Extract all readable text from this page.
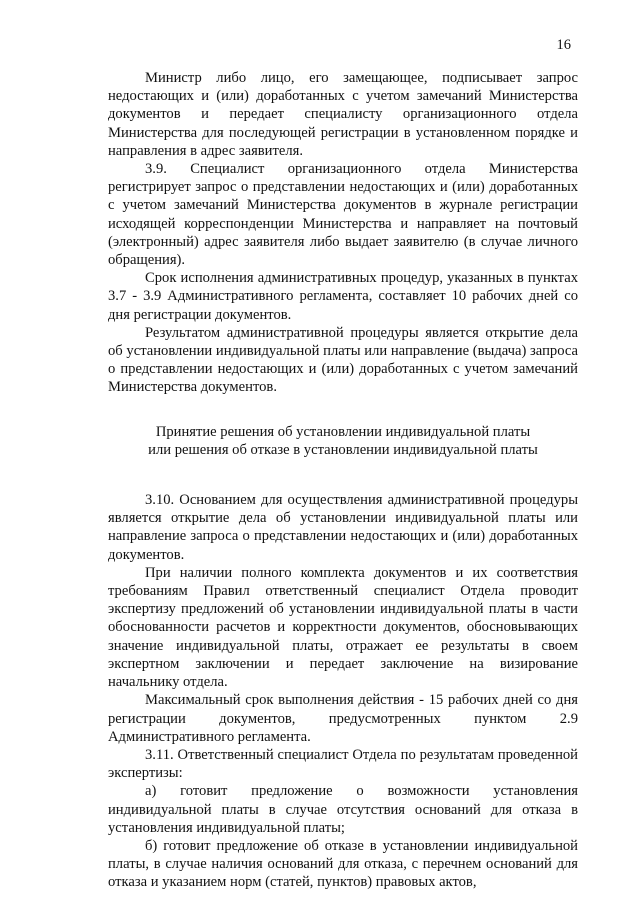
16

Министр либо лицо, его замещающее, подписывает запрос недостающих и (или) доработанных с учетом замечаний Министерства документов и передает специалисту организационного отдела Министерства для последующей регистрации в установленном порядке и направления в адрес заявителя.

3.9. Специалист организационного отдела Министерства регистрирует запрос о представлении недостающих и (или) доработанных с учетом замечаний Министерства документов в журнале регистрации исходящей корреспонденции Министерства и направляет на почтовый (электронный) адрес заявителя либо выдает заявителю (в случае личного обращения).

Срок исполнения административных процедур, указанных в пунктах 3.7 - 3.9 Административного регламента, составляет 10 рабочих дней со дня регистрации документов.

Результатом административной процедуры является открытие дела об установлении индивидуальной платы или направление (выдача) запроса о представлении недостающих и (или) доработанных с учетом замечаний Министерства документов.

Принятие решения об установлении индивидуальной платы
или решения об отказе в установлении индивидуальной платы

3.10. Основанием для осуществления административной процедуры является открытие дела об установлении индивидуальной платы или направление запроса о представлении недостающих и (или) доработанных документов.

При наличии полного комплекта документов и их соответствия требованиям Правил ответственный специалист Отдела проводит экспертизу предложений об установлении индивидуальной платы в части обоснованности расчетов и корректности документов, обосновывающих значение индивидуальной платы, отражает ее результаты в своем экспертном заключении и передает заключение на визирование начальнику отдела.

Максимальный срок выполнения действия - 15 рабочих дней со дня регистрации документов, предусмотренных пунктом 2.9 Административного регламента.

3.11. Ответственный специалист Отдела по результатам проведенной экспертизы:

а) готовит предложение о возможности установления индивидуальной платы в случае отсутствия оснований для отказа в установления индивидуальной платы;

б) готовит предложение об отказе в установлении индивидуальной платы, в случае наличия оснований для отказа, с перечнем оснований для отказа и указанием норм (статей, пунктов) правовых актов,
